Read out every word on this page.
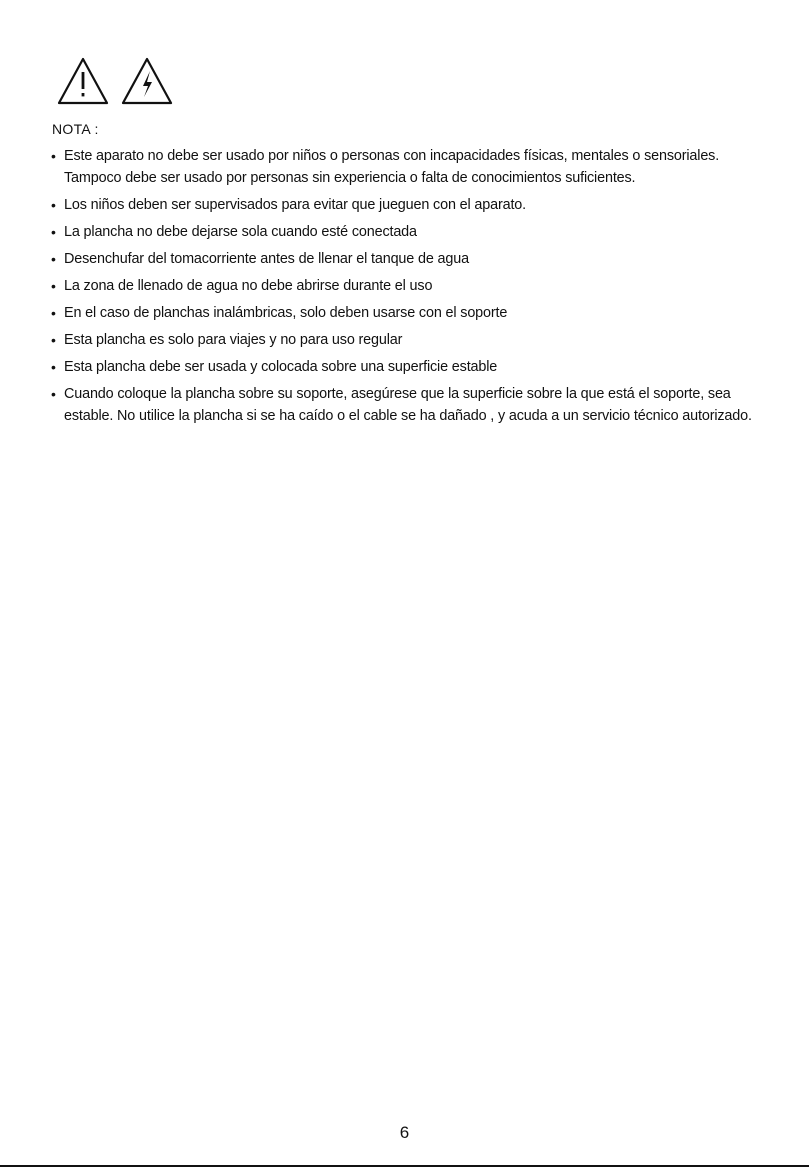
NOTA :
• Este aparato no debe ser usado por niños o personas con incapacidades físicas, mentales o sensoriales. Tampoco debe ser usado por personas sin experiencia o falta de conocimientos suficientes.
• Los niños deben ser supervisados para evitar que jueguen con el aparato.
• La plancha no debe dejarse sola cuando esté conectada
• Desenchufar del tomacorriente antes de llenar el tanque de agua
• La zona de llenado de agua no debe abrirse durante el uso
• En el caso de planchas inalámbricas, solo deben usarse con el soporte
• Esta plancha es solo para viajes y no para uso regular
• Esta plancha debe ser usada y colocada sobre una superficie estable
• Cuando coloque la plancha sobre su soporte, asegúrese que la superficie sobre la que está el soporte, sea estable. No utilice la plancha si se ha caído o el cable se ha dañado , y acuda a un servicio técnico autorizado.
6
